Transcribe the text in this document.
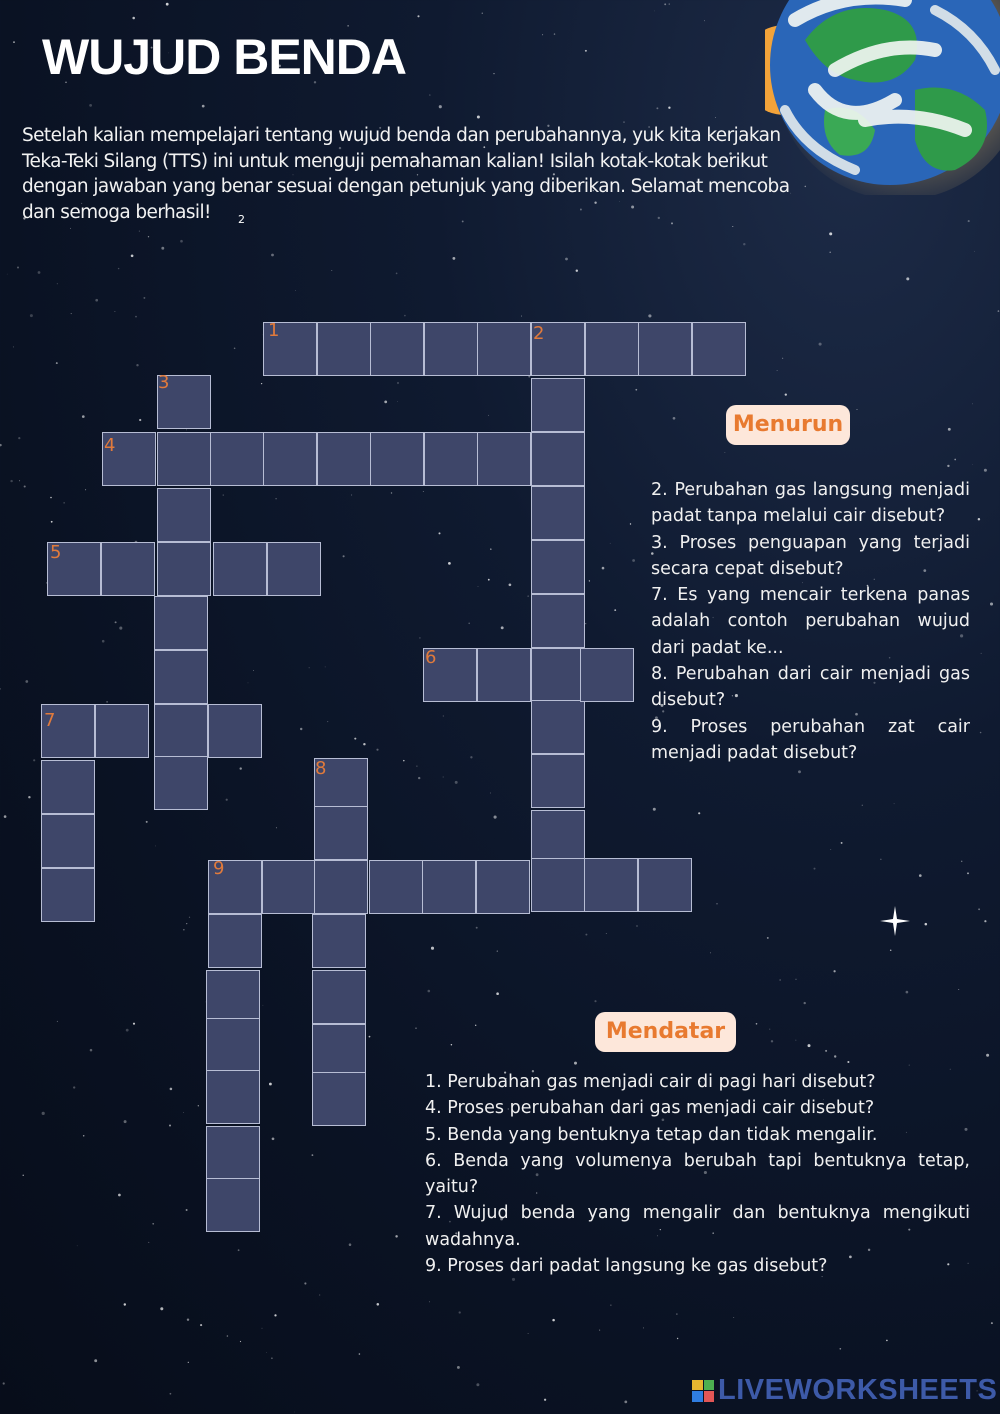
WUJUD BENDA
Setelah kalian mempelajari tentang wujud benda dan perubahannya, yuk kita kerjakan Teka-Teki Silang (TTS) ini untuk menguji pemahaman kalian! Isilah kotak-kotak berikut dengan jawaban yang benar sesuai dengan petunjuk yang diberikan. Selamat mencoba dan semoga berhasil!	2
1	2
3
4
5
6
7
8
9
Menurun

2. Perubahan gas langsung menjadi padat tanpa melalui cair disebut?

3. Proses penguapan yang terjadi secara cepat disebut?

7. Es yang mencair terkena panas adalah contoh perubahan wujud dari padat ke...

8. Perubahan dari cair menjadi gas disebut?

9. Proses perubahan zat cair menjadi padat disebut?

Mendatar

1. Perubahan gas menjadi cair di pagi hari disebut?

4. Proses perubahan dari gas menjadi cair disebut?

5. Benda yang bentuknya tetap dan tidak mengalir.

6. Benda yang volumenya berubah tapi bentuknya tetap, yaitu?

7. Wujud benda yang mengalir dan bentuknya mengikuti wadahnya.

9. Proses dari padat langsung ke gas disebut?

LIVEWORKSHEETS
